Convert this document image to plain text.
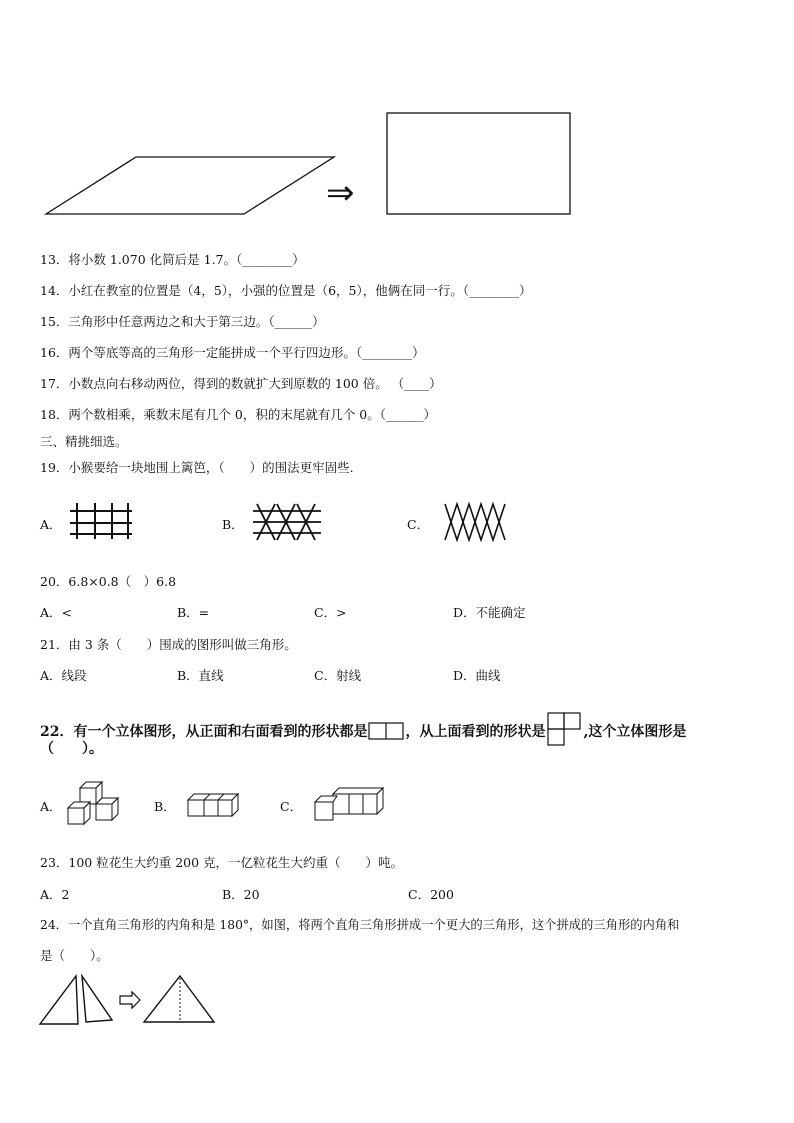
⇒
13．将小数 1.070 化简后是 1.7。（________）
14．小红在教室的位置是（4，5），小强的位置是（6，5），他俩在同一行。（________）
15．三角形中任意两边之和大于第三边。（______）
16．两个等底等高的三角形一定能拼成一个平行四边形。（________）
17．小数点向右移动两位，得到的数就扩大到原数的 100 倍。 （____）
18．两个数相乘，乘数末尾有几个 0，积的末尾就有几个 0。（______）
三、精挑细选。
19．小猴要给一块地围上篱笆，（　　）的围法更牢固些.
A．	B．	C．
20．6.8×0.8（　）6.8
A．<	B．=	C．>	D．不能确定
21．由 3 条（　　）围成的图形叫做三角形。
A．线段	B．直线	C．射线	D．曲线
22．有一个立体图形，从正面和右面看到的形状都是	，从上面看到的形状是	,这个立体图形是
（　　）。
A．	B．	C．
23．100 粒花生大约重 200 克，一亿粒花生大约重（　　）吨。
A．2	B．20	C．200
24．一个直角三角形的内角和是 180°，如图，将两个直角三角形拼成一个更大的三角形，这个拼成的三角形的内角和
是（　　）。
